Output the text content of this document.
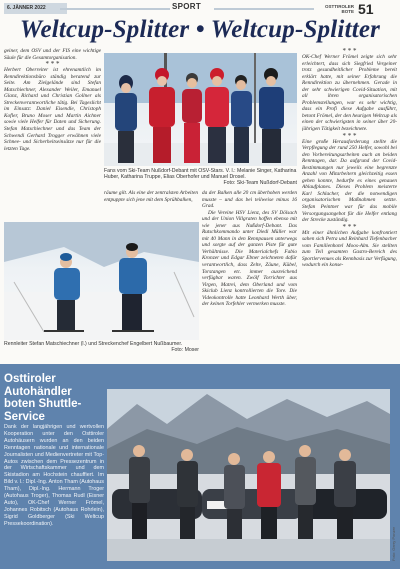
6. JÄNNER 2022	SPORT	OSTTIROLER
BOTE 51
Weltcup-Splitter • Weltcup-Splitter

geiner, dem OSV und der FIS eine wichtige Säule für die Gesamtorganisation.

* * *

Herbert Oberreiter ist ehrenamtlich im Renndirektionsbüro ständig beratend zur Seite. Am Zielgelände sind Stefan Matschiechner, Alexander Weiler, Emanuel Glanz, Richard und Christian Gollner als Streckenverantwortliche tätig. Bei Tageslicht im Einsatz: Daniel Eisendle, Christoph Kofler, Bruno Moser und Martin Aichner sowie viele Helfer für Daten und Sicherung. Stefan Matschiechner und das Team der Schwendi Gerhard Trogger erwähnen viele Schnee- und Sicherheitseinsätze nur für die letzten Tage.

Fans vom Ski-Team Nußdorf-Debant mit ÖSV-Stars. V. l.: Melanie Singer, Katharina Huber, Katharina Truppe, Elias Oberhofer und Manuel Drosel.
Foto: Ski-Team Nußdorf-Debant
* * *

OK-Chef Werner Frömel zeigte sich sehr erleichtert, dass sich Siegfried Vergeiner trotz gesundheitlicher Probleme bereit erklärt hatte, mit seiner Erfahrung die Renndirektion zu übernehmen. Gerade in der sehr schwierigen Covid-Situation, mit all ihren organisatorischen Problemstellungen, war es sehr wichtig, dass ein Profi diese Aufgabe ausführt, betont Frömel, der den heurigen Weltcup als einen der schwierigsten in seiner über 20-jährigen Tätigkeit bezeichnete.

* * *

Eine große Herausforderung stellte die Verpflegung der rund 250 Helfer, sowohl bei den Vorbereitungsarbeiten auch an beiden Renntagen, dar. Da aufgrund der Covid-Bestimmungen nur jeweils eine begrenzte Anzahl von Mitarbeitern gleichzeitig essen gehen konnte, bedurfte es eines genauen Ablaufplanes. Dieses Problem meisterte Karl Schlacher, der die notwendigen organisatorischen Maßnahmen setzte. Stefan Peintner war für das mobile Versorgungsangebot für die Helfer entlang der Strecke zuständig.

* * *

Mit einer ähnlichen Aufgabe konfrontiert sahen sich Petra und Reinhard Tiefenbacher vom Familienhotel Moos-Alm. Sie stellten zum Teil gesamten Gastro-Bereich des Sportlervenues als Rennbasis zur Verfügung, wodurch ein konse-

räume gilt. Als eine der zentralsten Arbeiten entpuppte sich jene mit dem Sprühbalken,

da der Balken alle 20 cm überhoben werden musste – und das bei teilweise minus 16 Grad.

Die Vereine HSV Lienz, des SV Dölsach und der Union Villgraten hoffen ebenso mit wie jener aus Nußdorf-Debant. Das Rutschkommando unter Diedi Müller war mit 40 Mann in den Rennpausen unterwegs und sorgte auf der ganzen Piste für gute Verhältnisse. Die Materialchefs Fabio Kronzer und Edgar Ebner zeichneten dafür verantwortlich, dass Zelte, Zäune, Kübel, Torstangen etc. immer ausreichend verfügbar waren. Zwölf Torrichter aus Virgen, Matrei, dem Oberland und vom Skiclub Lienz kontrollierten die Tore. Die Videokontrolle hatte Leonhard Werth über, der keinen Torfehler vermerken musste.

Rennleiter Stefan Matschiechner (l.) und Streckenchef Engelbert Nußbaumer.
Foto: Moser
Osttiroler Autohändler boten Shuttle-Service
Dank der langjährigen und wertvollen Kooperation unter den Osttiroler Autohäusern wurden an den beiden Renntagen nationale und internationale Journalisten und Medienvertreter mit Top-Autos zwischen dem Pressezentrum in der Wirtschaftskammer und dem Skistadion am Hochstein chauffiert. Im Bild v. l.: Dipl.-Ing. Anton Tham (Autohaus Tham), Dipl.-Ing. Hermann Troger (Autohaus Troger), Thomas Rudl (Eisner Auto), OK-Chef Werner Frömel, Johannes Robitsch (Autohaus Rohrlein), Sigrid Goldberger (Ski Weltcup Pressekoordination).
Foto: Gerry Ponzer
